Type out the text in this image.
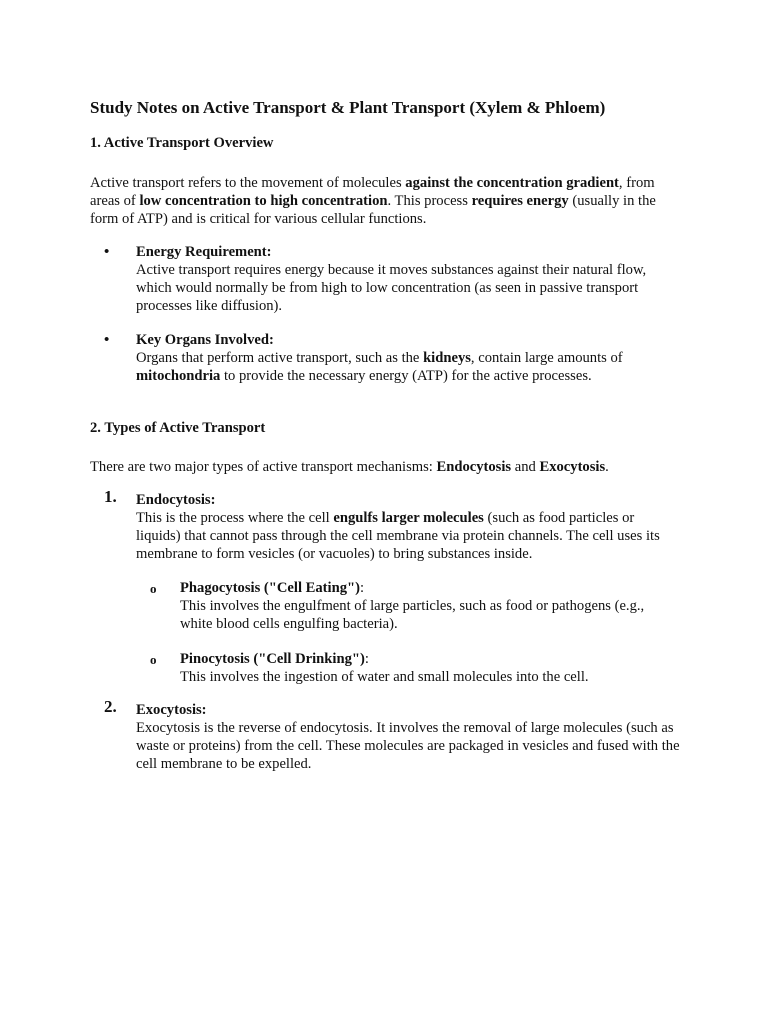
Study Notes on Active Transport & Plant Transport (Xylem & Phloem)
1. Active Transport Overview

Active transport refers to the movement of molecules against the concentration gradient, from areas of low concentration to high concentration. This process requires energy (usually in the form of ATP) and is critical for various cellular functions.

• Energy Requirement:

Active transport requires energy because it moves substances against their natural flow, which would normally be from high to low concentration (as seen in passive transport processes like diffusion).

• Key Organs Involved:

Organs that perform active transport, such as the kidneys, contain large amounts of mitochondria to provide the necessary energy (ATP) for the active processes.

2. Types of Active Transport

There are two major types of active transport mechanisms: Endocytosis and Exocytosis.

1. Endocytosis:

This is the process where the cell engulfs larger molecules (such as food particles or liquids) that cannot pass through the cell membrane via protein channels. The cell uses its membrane to form vesicles (or vacuoles) to bring substances inside.

o Phagocytosis ("Cell Eating"):

This involves the engulfment of large particles, such as food or pathogens (e.g., white blood cells engulfing bacteria).

o Pinocytosis ("Cell Drinking"):

This involves the ingestion of water and small molecules into the cell.

2. Exocytosis:

Exocytosis is the reverse of endocytosis. It involves the removal of large molecules (such as waste or proteins) from the cell. These molecules are packaged in vesicles and fused with the cell membrane to be expelled.
